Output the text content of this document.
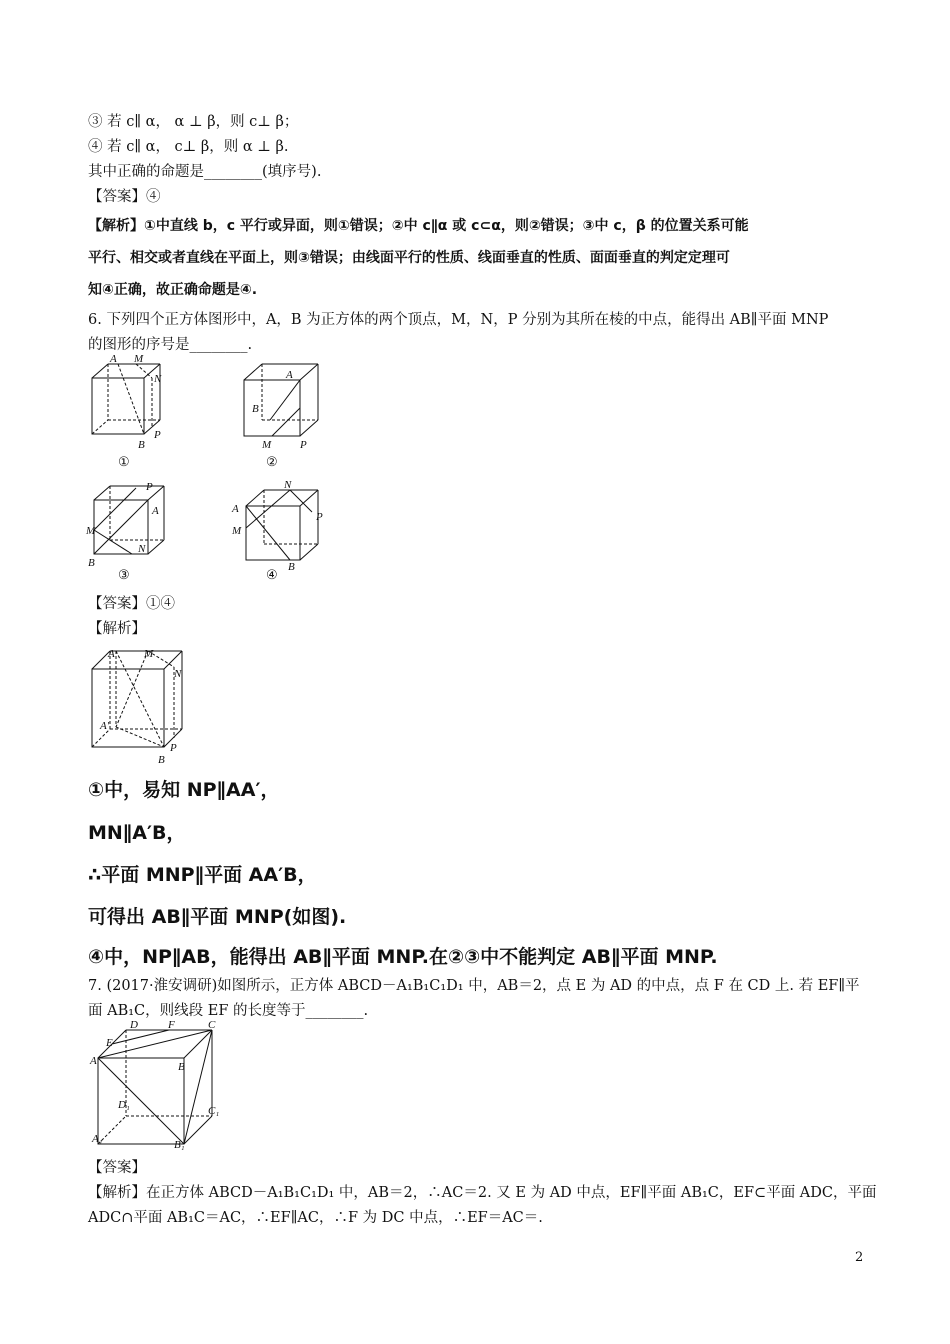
③ 若 c∥ α， α ⊥ β，则 c⊥ β；
④ 若 c∥ α， c⊥ β，则 α ⊥ β.
其中正确的命题是________(填序号).
【答案】④
【解析】①中直线 b，c 平行或异面，则①错误；②中 c∥α 或 c⊂α，则②错误；③中 c，β 的位置关系可能
平行、相交或者直线在平面上，则③错误；由线面平行的性质、线面垂直的性质、面面垂直的判定定理可
知④正确，故正确命题是④.
6. 下列四个正方体图形中，A，B 为正方体的两个顶点，M，N，P 分别为其所在棱的中点，能得出 AB∥平面 MNP
的图形的序号是________.
A M
N
P
B
①
A
B
M	P
②
P
A
M
N
B
③
N
A
P
M
B
④
【答案】①④
【解析】
A	M
N
A′
P
B
①中，易知 NP∥AA′，
MN∥A′B，
∴平面 MNP∥平面 AA′B，
可得出 AB∥平面 MNP(如图).
④中，NP∥AB，能得出 AB∥平面 MNP.在②③中不能判定 AB∥平面 MNP.
7. (2017·淮安调研)如图所示，正方体 ABCD－A₁B₁C₁D₁ 中，AB＝2，点 E 为 AD 的中点，点 F 在 CD 上. 若 EF∥平
面 AB₁C，则线段 EF 的长度等于________.
D	F	C
E
A	B
D₁	C₁
A₁	B₁
【答案】
【解析】在正方体 ABCD－A₁B₁C₁D₁ 中，AB＝2，∴AC＝2. 又 E 为 AD 中点，EF∥平面 AB₁C，EF⊂平面 ADC，平面
ADC∩平面 AB₁C＝AC，∴EF∥AC，∴F 为 DC 中点，∴EF＝AC＝.
2
